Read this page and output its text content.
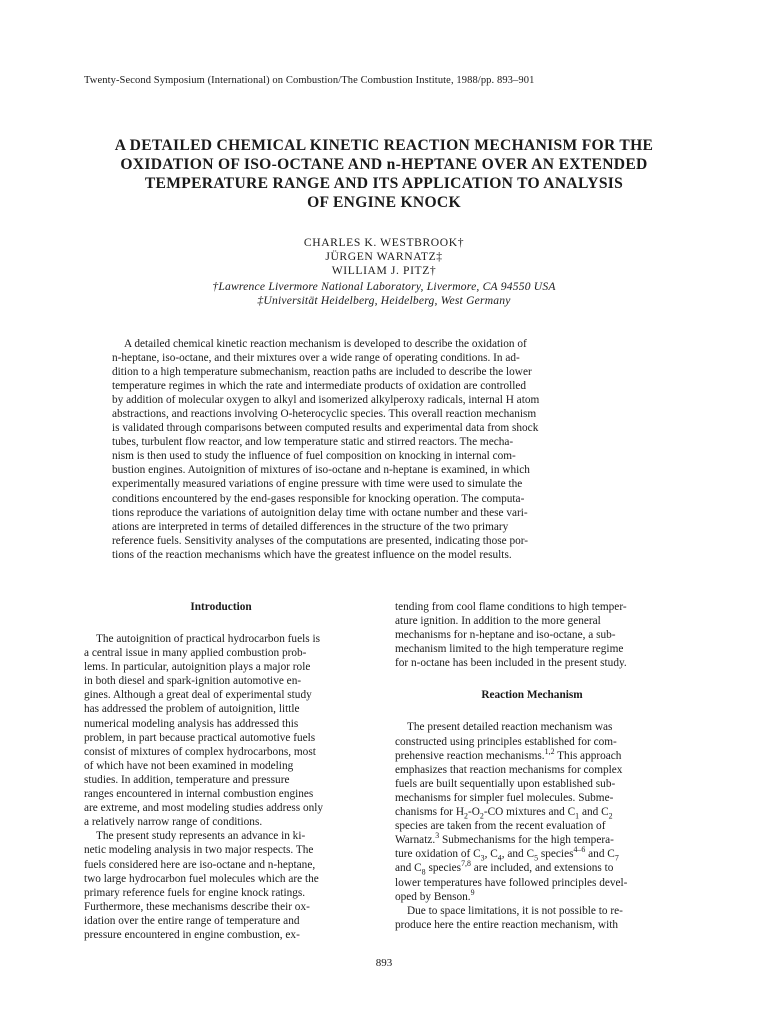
Twenty-Second Symposium (International) on Combustion/The Combustion Institute, 1988/pp. 893–901
A DETAILED CHEMICAL KINETIC REACTION MECHANISM FOR THE
OXIDATION OF ISO-OCTANE AND n-HEPTANE OVER AN EXTENDED
TEMPERATURE RANGE AND ITS APPLICATION TO ANALYSIS
OF ENGINE KNOCK
CHARLES K. WESTBROOK†
JÜRGEN WARNATZ‡
WILLIAM J. PITZ†
†Lawrence Livermore National Laboratory, Livermore, CA 94550 USA
‡Universität Heidelberg, Heidelberg, West Germany
A detailed chemical kinetic reaction mechanism is developed to describe the oxidation of
n-heptane, iso-octane, and their mixtures over a wide range of operating conditions. In ad-
dition to a high temperature submechanism, reaction paths are included to describe the lower
temperature regimes in which the rate and intermediate products of oxidation are controlled
by addition of molecular oxygen to alkyl and isomerized alkylperoxy radicals, internal H atom
abstractions, and reactions involving O-heterocyclic species. This overall reaction mechanism
is validated through comparisons between computed results and experimental data from shock
tubes, turbulent flow reactor, and low temperature static and stirred reactors. The mecha-
nism is then used to study the influence of fuel composition on knocking in internal com-
bustion engines. Autoignition of mixtures of iso-octane and n-heptane is examined, in which
experimentally measured variations of engine pressure with time were used to simulate the
conditions encountered by the end-gases responsible for knocking operation. The computa-
tions reproduce the variations of autoignition delay time with octane number and these vari-
ations are interpreted in terms of detailed differences in the structure of the two primary
reference fuels. Sensitivity analyses of the computations are presented, indicating those por-
tions of the reaction mechanisms which have the greatest influence on the model results.
Introduction
The autoignition of practical hydrocarbon fuels is
a central issue in many applied combustion prob-
lems. In particular, autoignition plays a major role
in both diesel and spark-ignition automotive en-
gines. Although a great deal of experimental study
has addressed the problem of autoignition, little
numerical modeling analysis has addressed this
problem, in part because practical automotive fuels
consist of mixtures of complex hydrocarbons, most
of which have not been examined in modeling
studies. In addition, temperature and pressure
ranges encountered in internal combustion engines
are extreme, and most modeling studies address only
a relatively narrow range of conditions.
The present study represents an advance in ki-
netic modeling analysis in two major respects. The
fuels considered here are iso-octane and n-heptane,
two large hydrocarbon fuel molecules which are the
primary reference fuels for engine knock ratings.
Furthermore, these mechanisms describe their ox-
idation over the entire range of temperature and
pressure encountered in engine combustion, ex-
tending from cool flame conditions to high temper-
ature ignition. In addition to the more general
mechanisms for n-heptane and iso-octane, a sub-
mechanism limited to the high temperature regime
for n-octane has been included in the present study.
Reaction Mechanism
The present detailed reaction mechanism was
constructed using principles established for com-
prehensive reaction mechanisms.$^{1,2}$ This approach
emphasizes that reaction mechanisms for complex
fuels are built sequentially upon established sub-
mechanisms for simpler fuel molecules. Subme-
chanisms for $H_2-O_2-CO$ mixtures and $C_1$ and $C_2$
species are taken from the recent evaluation of
Warnatz.$^3$ Submechanisms for the high tempera-
ture oxidation of $C_3$, $C_4$, and $C_5$ species$^{4-6}$ and $C_7$
and $C_8$ species$^{7,8}$ are included, and extensions to
lower temperatures have followed principles devel-
oped by Benson.$^9$
Due to space limitations, it is not possible to re-
produce here the entire reaction mechanism, with
893
